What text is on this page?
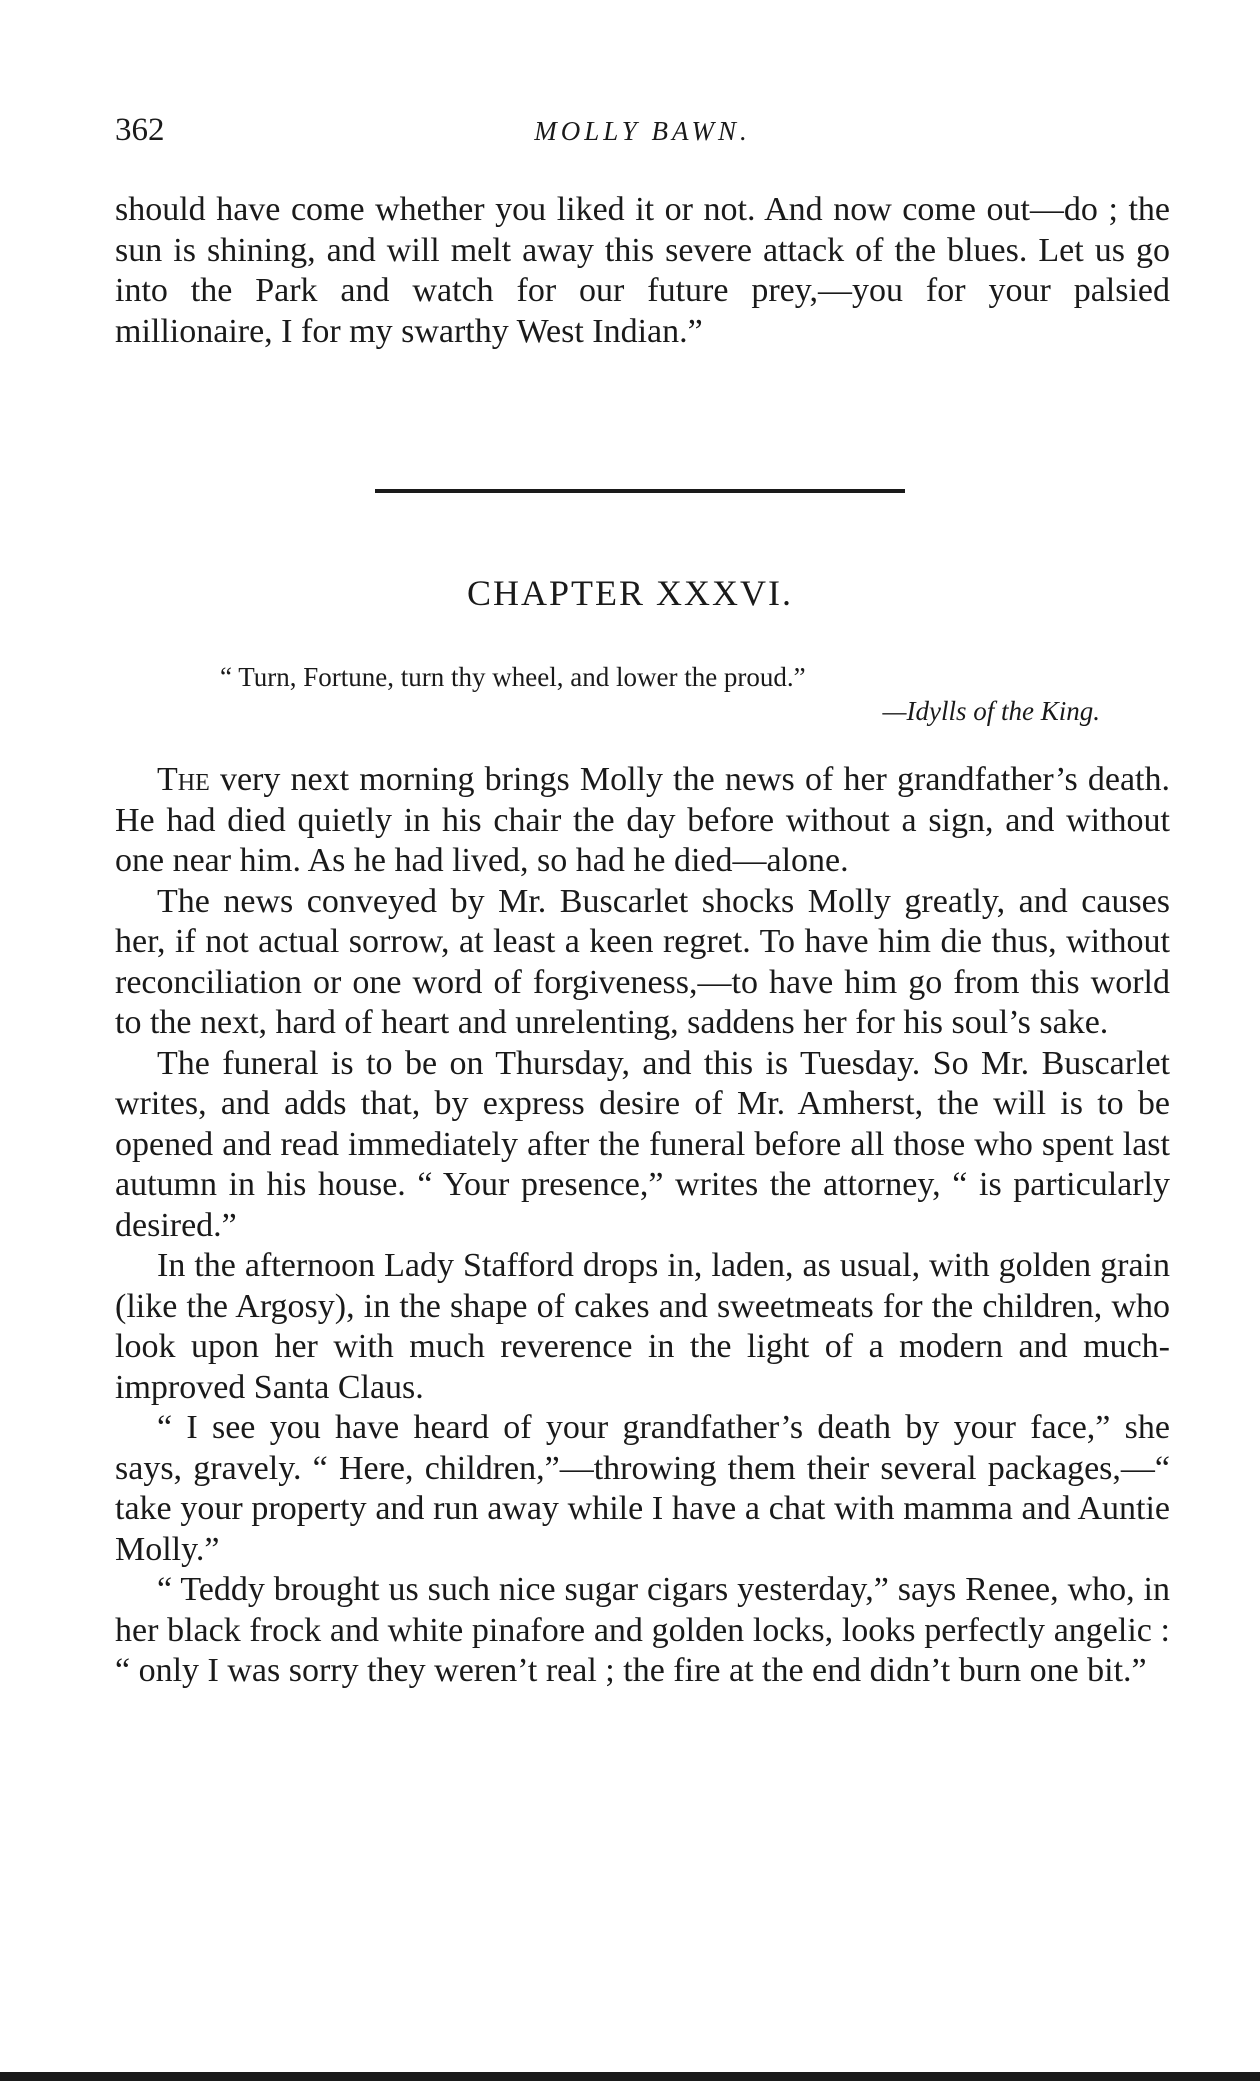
362	MOLLY BAWN.

should have come whether you liked it or not. And now come out—do ; the sun is shining, and will melt away this severe attack of the blues. Let us go into the Park and watch for our future prey,—you for your palsied millionaire, I for my swarthy West Indian.”

CHAPTER XXXVI.
“ Turn, Fortune, turn thy wheel, and lower the proud.”
—Idylls of the King.

The very next morning brings Molly the news of her grandfather’s death. He had died quietly in his chair the day before without a sign, and without one near him. As he had lived, so had he died—alone.

The news conveyed by Mr. Buscarlet shocks Molly greatly, and causes her, if not actual sorrow, at least a keen regret. To have him die thus, without reconciliation or one word of forgiveness,—to have him go from this world to the next, hard of heart and unrelenting, saddens her for his soul’s sake.

The funeral is to be on Thursday, and this is Tuesday. So Mr. Buscarlet writes, and adds that, by express desire of Mr. Amherst, the will is to be opened and read immediately after the funeral before all those who spent last autumn in his house. “ Your presence,” writes the attorney, “ is particularly desired.”

In the afternoon Lady Stafford drops in, laden, as usual, with golden grain (like the Argosy), in the shape of cakes and sweetmeats for the children, who look upon her with much reverence in the light of a modern and much-improved Santa Claus.

“ I see you have heard of your grandfather’s death by your face,” she says, gravely. “ Here, children,”—throwing them their several packages,—“ take your property and run away while I have a chat with mamma and Auntie Molly.”

“ Teddy brought us such nice sugar cigars yesterday,” says Renee, who, in her black frock and white pinafore and golden locks, looks perfectly angelic : “ only I was sorry they weren’t real ; the fire at the end didn’t burn one bit.”
